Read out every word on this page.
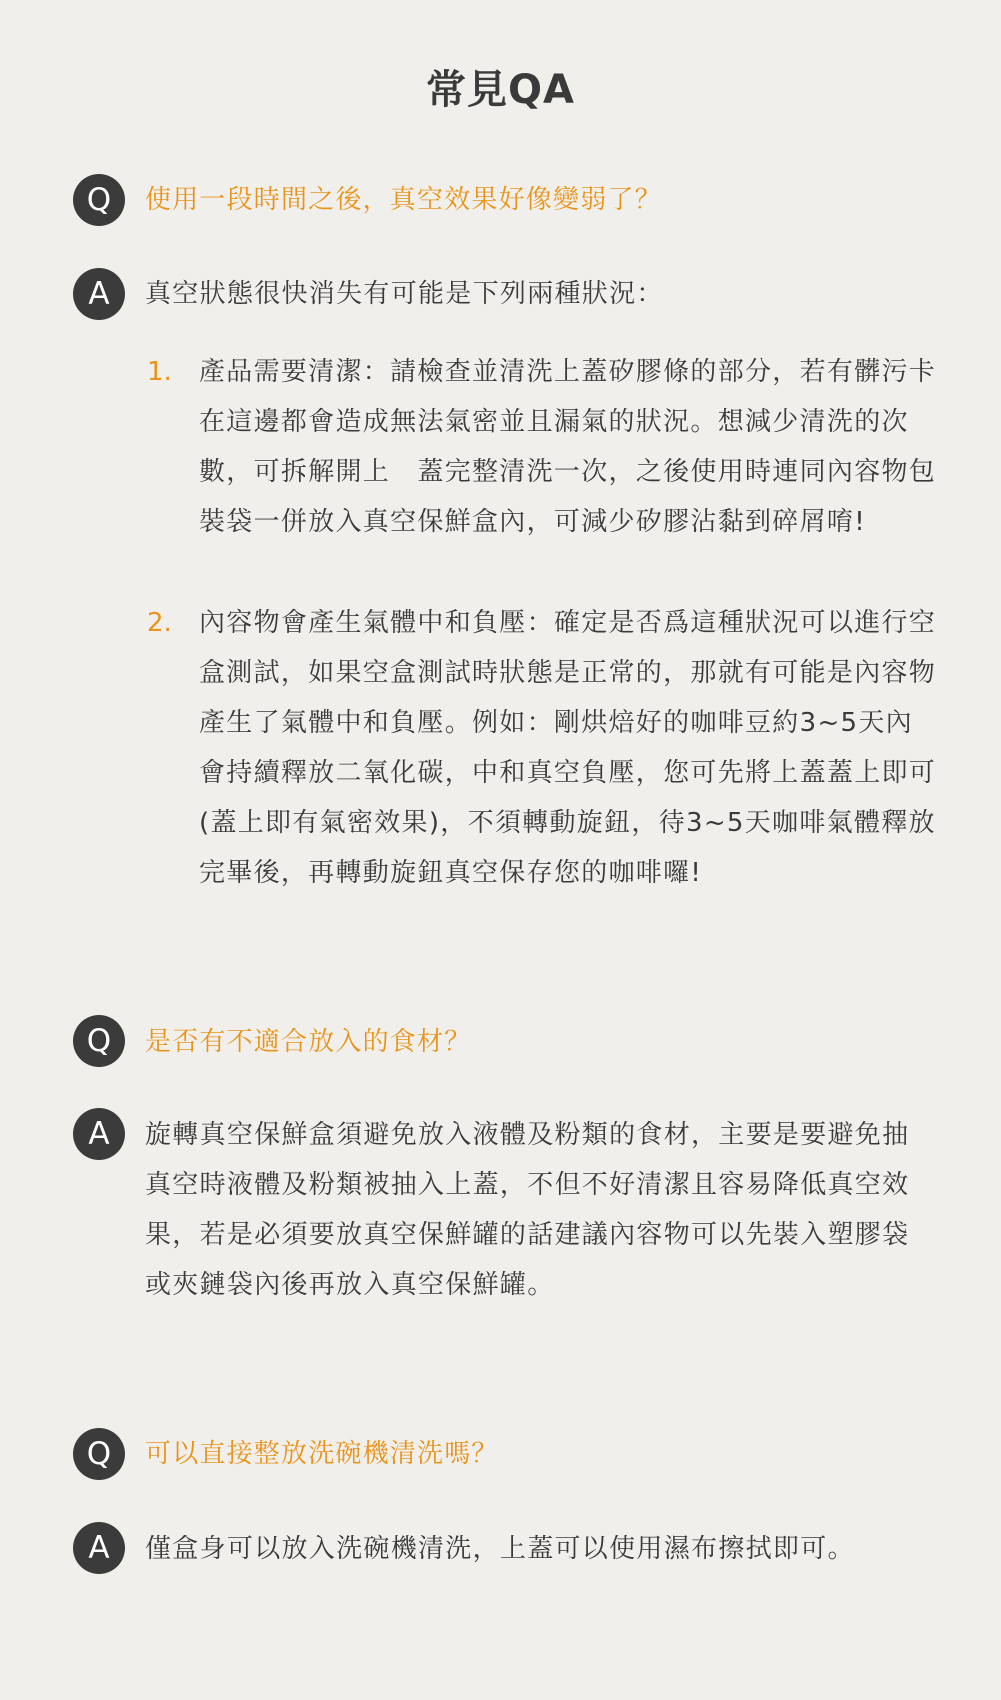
常見QA
Q	使用一段時間之後，真空效果好像變弱了？
A	真空狀態很快消失有可能是下列兩種狀況：
1. 產品需要清潔：請檢查並清洗上蓋矽膠條的部分，若有髒污卡在這邊都會造成無法氣密並且漏氣的狀況。想減少清洗的次數，可拆解開上　蓋完整清洗一次，之後使用時連同內容物包裝袋一併放入真空保鮮盒內，可減少矽膠沾黏到碎屑唷!
2. 內容物會產生氣體中和負壓：確定是否爲這種狀況可以進行空盒測試，如果空盒測試時狀態是正常的，那就有可能是內容物產生了氣體中和負壓。例如：剛烘焙好的咖啡豆約3~5天內會持續釋放二氧化碳，中和真空負壓，您可先將上蓋蓋上即可(蓋上即有氣密效果)，不須轉動旋鈕，待3~5天咖啡氣體釋放完畢後，再轉動旋鈕真空保存您的咖啡囉!
Q	是否有不適合放入的食材？
A	旋轉真空保鮮盒須避免放入液體及粉類的食材，主要是要避免抽真空時液體及粉類被抽入上蓋，不但不好清潔且容易降低真空效果，若是必須要放真空保鮮罐的話建議內容物可以先裝入塑膠袋或夾鏈袋內後再放入真空保鮮罐。
Q	可以直接整放洗碗機清洗嗎？
A	僅盒身可以放入洗碗機清洗，上蓋可以使用濕布擦拭即可。
